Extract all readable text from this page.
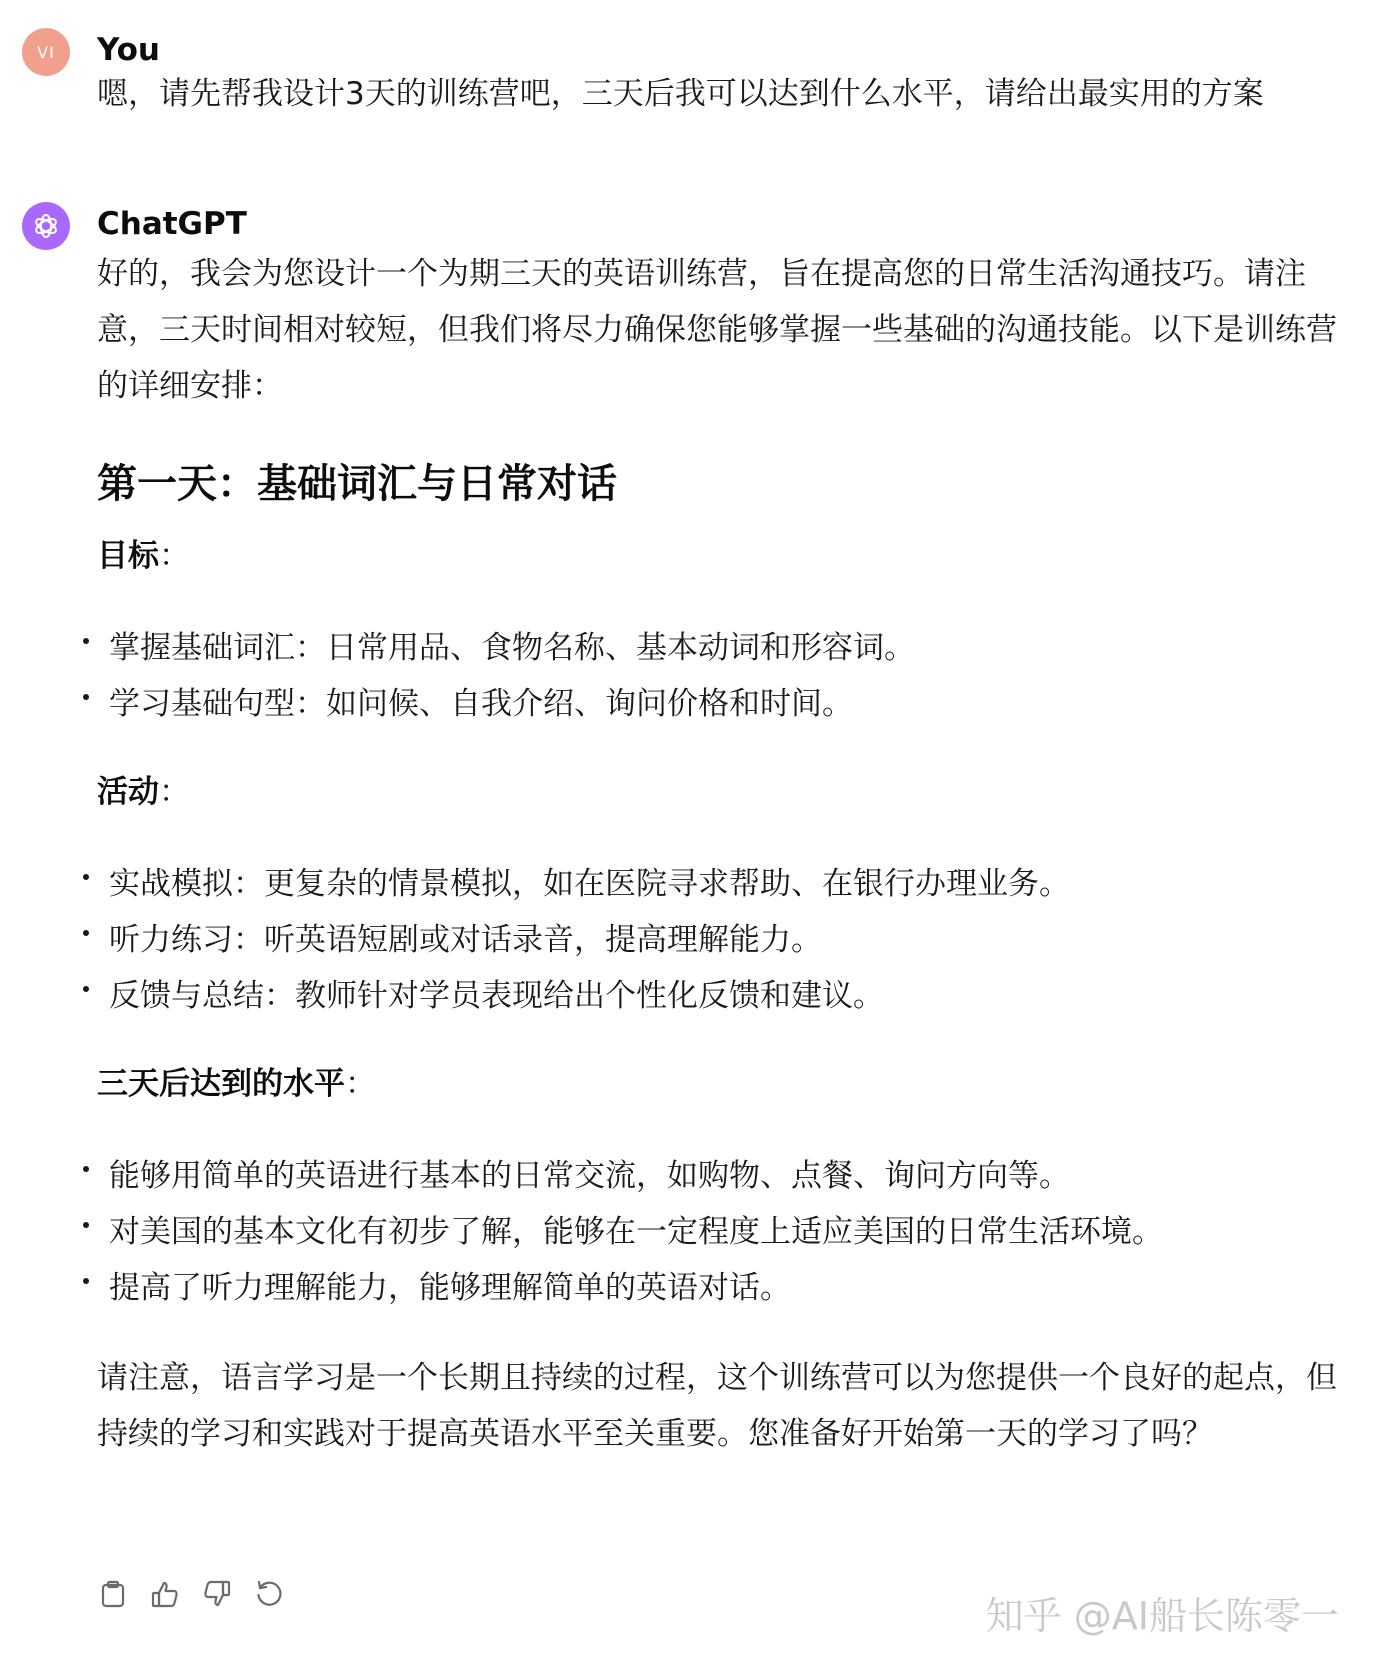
VI You
嗯，请先帮我设计3天的训练营吧，三天后我可以达到什么水平，请给出最实用的方案
ChatGPT

好的，我会为您设计一个为期三天的英语训练营，旨在提高您的日常生活沟通技巧。请注意，三天时间相对较短，但我们将尽力确保您能够掌握一些基础的沟通技能。以下是训练营的详细安排：

第一天：基础词汇与日常对话

目标：

掌握基础词汇：日常用品、食物名称、基本动词和形容词。
学习基础句型：如问候、自我介绍、询问价格和时间。

活动：

实战模拟：更复杂的情景模拟，如在医院寻求帮助、在银行办理业务。
听力练习：听英语短剧或对话录音，提高理解能力。
反馈与总结：教师针对学员表现给出个性化反馈和建议。

三天后达到的水平：

能够用简单的英语进行基本的日常交流，如购物、点餐、询问方向等。
对美国的基本文化有初步了解，能够在一定程度上适应美国的日常生活环境。
提高了听力理解能力，能够理解简单的英语对话。

请注意，语言学习是一个长期且持续的过程，这个训练营可以为您提供一个良好的起点，但持续的学习和实践对于提高英语水平至关重要。您准备好开始第一天的学习了吗？

知乎 @AI船长陈零一
